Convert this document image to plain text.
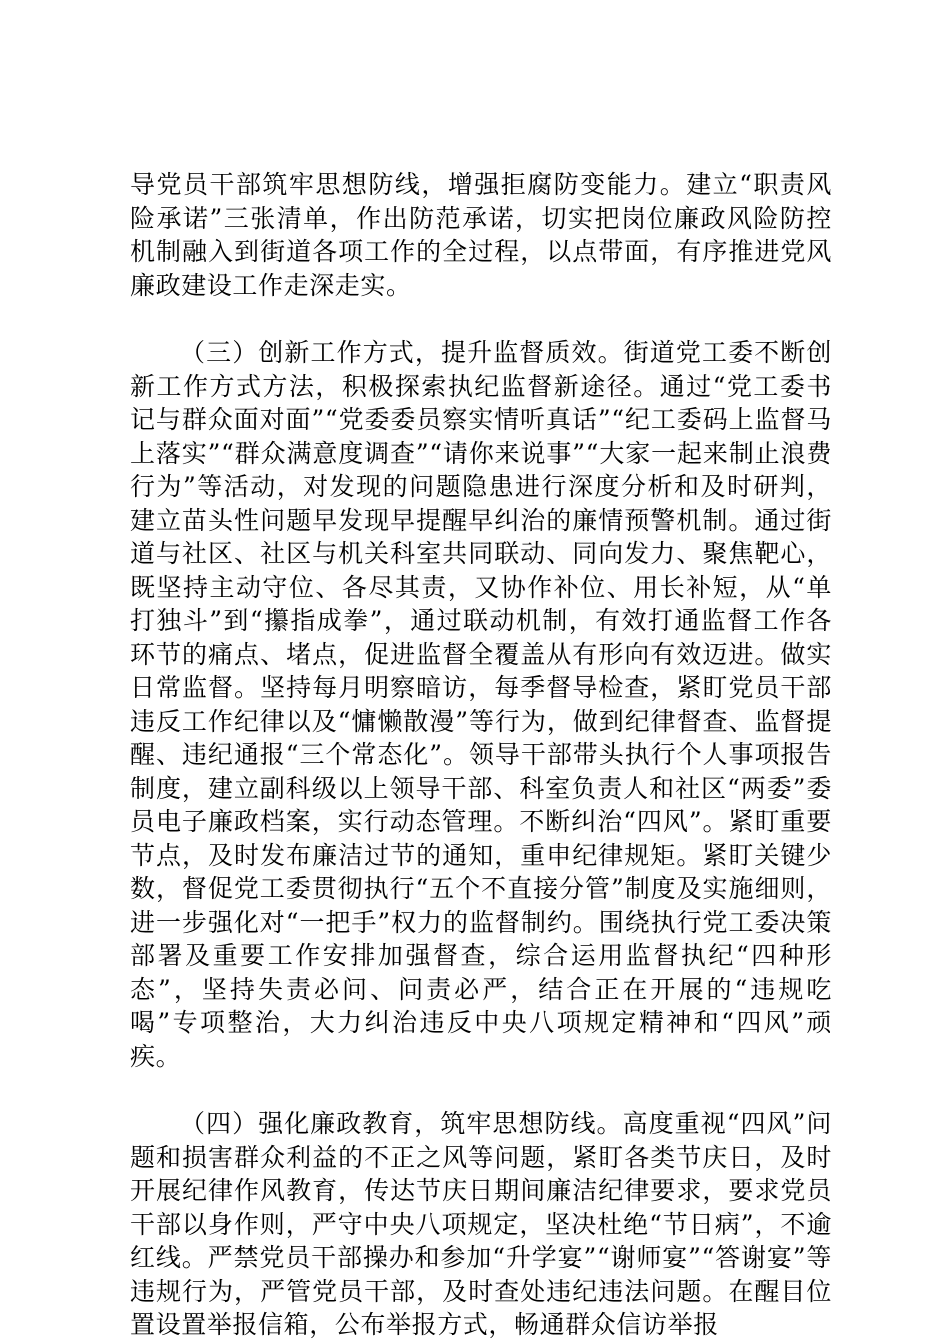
导党员干部筑牢思想防线，增强拒腐防变能力。建立“职责风险承诺”三张清单，作出防范承诺，切实把岗位廉政风险防控机制融入到街道各项工作的全过程，以点带面，有序推进党风廉政建设工作走深走实。

（三）创新工作方式，提升监督质效。街道党工委不断创新工作方式方法，积极探索执纪监督新途径。通过“党工委书记与群众面对面”“党委委员察实情听真话”“纪工委码上监督马上落实”“群众满意度调查”“请你来说事”“大家一起来制止浪费行为”等活动，对发现的问题隐患进行深度分析和及时研判，建立苗头性问题早发现早提醒早纠治的廉情预警机制。通过街道与社区、社区与机关科室共同联动、同向发力、聚焦靶心，既坚持主动守位、各尽其责，又协作补位、用长补短，从“单打独斗”到“攥指成拳”，通过联动机制，有效打通监督工作各环节的痛点、堵点，促进监督全覆盖从有形向有效迈进。做实日常监督。坚持每月明察暗访，每季督导检查，紧盯党员干部违反工作纪律以及“慵懒散漫”等行为，做到纪律督查、监督提醒、违纪通报“三个常态化”。领导干部带头执行个人事项报告制度，建立副科级以上领导干部、科室负责人和社区“两委”委员电子廉政档案，实行动态管理。不断纠治“四风”。紧盯重要节点，及时发布廉洁过节的通知，重申纪律规矩。紧盯关键少数，督促党工委贯彻执行“五个不直接分管”制度及实施细则，进一步强化对“一把手”权力的监督制约。围绕执行党工委决策部署及重要工作安排加强督查，综合运用监督执纪“四种形态”，坚持失责必问、问责必严，结合正在开展的“违规吃喝”专项整治，大力纠治违反中央八项规定精神和“四风”顽疾。

（四）强化廉政教育，筑牢思想防线。高度重视“四风”问题和损害群众利益的不正之风等问题，紧盯各类节庆日，及时开展纪律作风教育，传达节庆日期间廉洁纪律要求，要求党员干部以身作则，严守中央八项规定，坚决杜绝“节日病”，不逾红线。严禁党员干部操办和参加“升学宴”“谢师宴”“答谢宴”等违规行为，严管党员干部，及时查处违纪违法问题。在醒目位置设置举报信箱，公布举报方式，畅通群众信访举报
